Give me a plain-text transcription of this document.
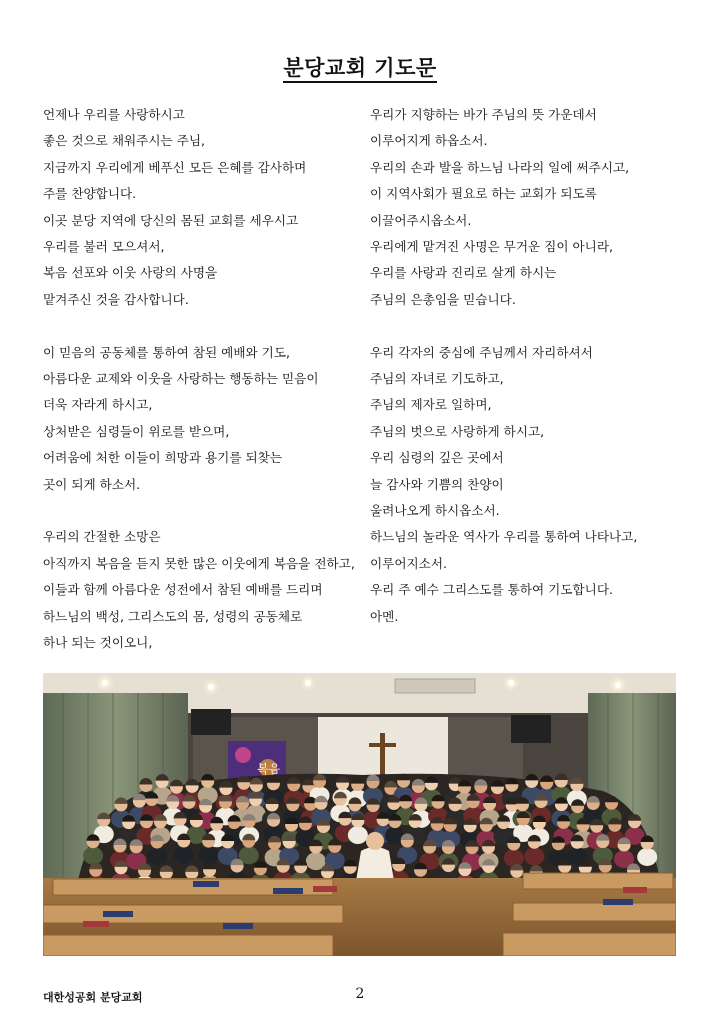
분당교회 기도문
언제나 우리를 사랑하시고
좋은 것으로 채워주시는 주님,
지금까지 우리에게 베푸신 모든 은혜를 감사하며
주를 찬양합니다.
이곳 분당 지역에 당신의 몸된 교회를 세우시고
우리를 불러 모으셔서,
복음 선포와 이웃 사랑의 사명을
맡겨주신 것을 감사합니다.
이 믿음의 공동체를 통하여 참된 예배와 기도,
아름다운 교제와 이웃을 사랑하는 행동하는 믿음이
더욱 자라게 하시고,
상처받은 심령들이 위로를 받으며,
어려움에 처한 이들이 희망과 용기를 되찾는
곳이 되게 하소서.
우리의 간절한 소망은
아직까지 복음을 듣지 못한 많은 이웃에게 복음을 전하고,
이들과 함께 아름다운 성전에서 참된 예배를 드리며
하느님의 백성, 그리스도의 몸, 성령의 공동체로
하나 되는 것이오니,
우리가 지향하는 바가 주님의 뜻 가운데서
이루어지게 하옵소서.
우리의 손과 발을 하느님 나라의 일에 써주시고,
이 지역사회가 필요로 하는 교회가 되도록
이끌어주시옵소서.
우리에게 맡겨진 사명은 무거운 짐이 아니라,
우리를 사랑과 진리로 살게 하시는
주님의 은총임을 믿습니다.
우리 각자의 중심에 주님께서 자리하셔서
주님의 자녀로 기도하고,
주님의 제자로 일하며,
주님의 벗으로 사랑하게 하시고,
우리 심령의 깊은 곳에서
늘 감사와 기쁨의 찬양이
울려나오게 하시옵소서.
하느님의 놀라운 역사가 우리를 통하여 나타나고,
이루어지소서.
우리 주 예수 그리스도를 통하여 기도합니다.
아멘.
복음
대한성공회 분당교회	2
